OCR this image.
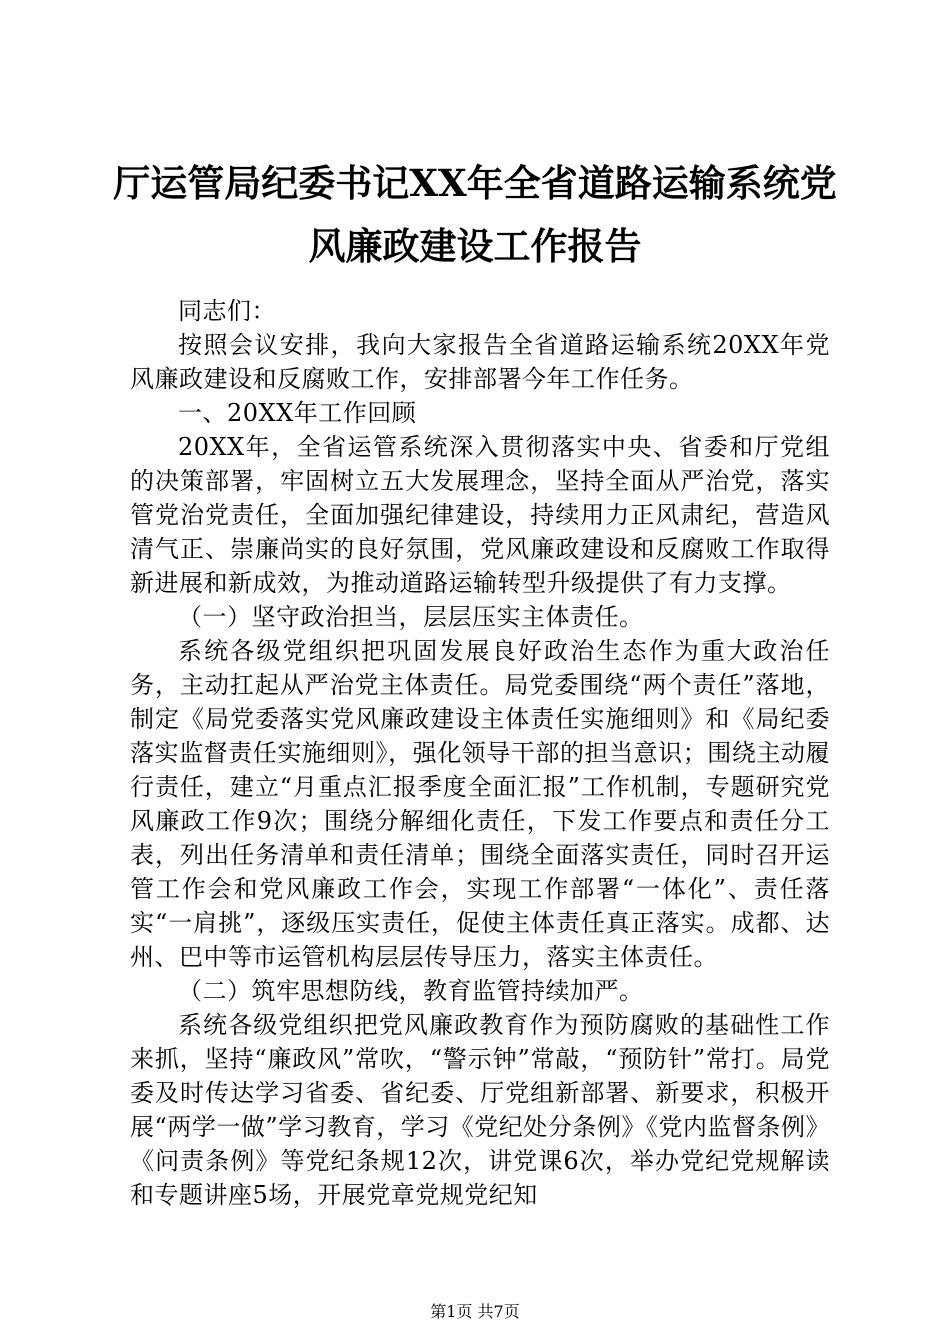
厅运管局纪委书记XX年全省道路运输系统党
风廉政建设工作报告

同志们：

按照会议安排，我向大家报告全省道路运输系统20XX年党风廉政建设和反腐败工作，安排部署今年工作任务。

一、20XX年工作回顾

20XX年，全省运管系统深入贯彻落实中央、省委和厅党组的决策部署，牢固树立五大发展理念，坚持全面从严治党，落实管党治党责任，全面加强纪律建设，持续用力正风肃纪，营造风清气正、崇廉尚实的良好氛围，党风廉政建设和反腐败工作取得新进展和新成效，为推动道路运输转型升级提供了有力支撑。

（一）坚守政治担当，层层压实主体责任。

系统各级党组织把巩固发展良好政治生态作为重大政治任务，主动扛起从严治党主体责任。局党委围绕“两个责任”落地，制定《局党委落实党风廉政建设主体责任实施细则》和《局纪委落实监督责任实施细则》，强化领导干部的担当意识；围绕主动履行责任，建立“月重点汇报季度全面汇报”工作机制，专题研究党风廉政工作9次；围绕分解细化责任，下发工作要点和责任分工表，列出任务清单和责任清单；围绕全面落实责任，同时召开运管工作会和党风廉政工作会，实现工作部署“一体化”、责任落实“一肩挑”，逐级压实责任，促使主体责任真正落实。成都、达州、巴中等市运管机构层层传导压力，落实主体责任。

（二）筑牢思想防线，教育监管持续加严。

系统各级党组织把党风廉政教育作为预防腐败的基础性工作来抓，坚持“廉政风”常吹，“警示钟”常敲，“预防针”常打。局党委及时传达学习省委、省纪委、厅党组新部署、新要求，积极开展“两学一做”学习教育，学习《党纪处分条例》《党内监督条例》《问责条例》等党纪条规12次，讲党课6次，举办党纪党规解读和专题讲座5场，开展党章党规党纪知

第1页 共7页
